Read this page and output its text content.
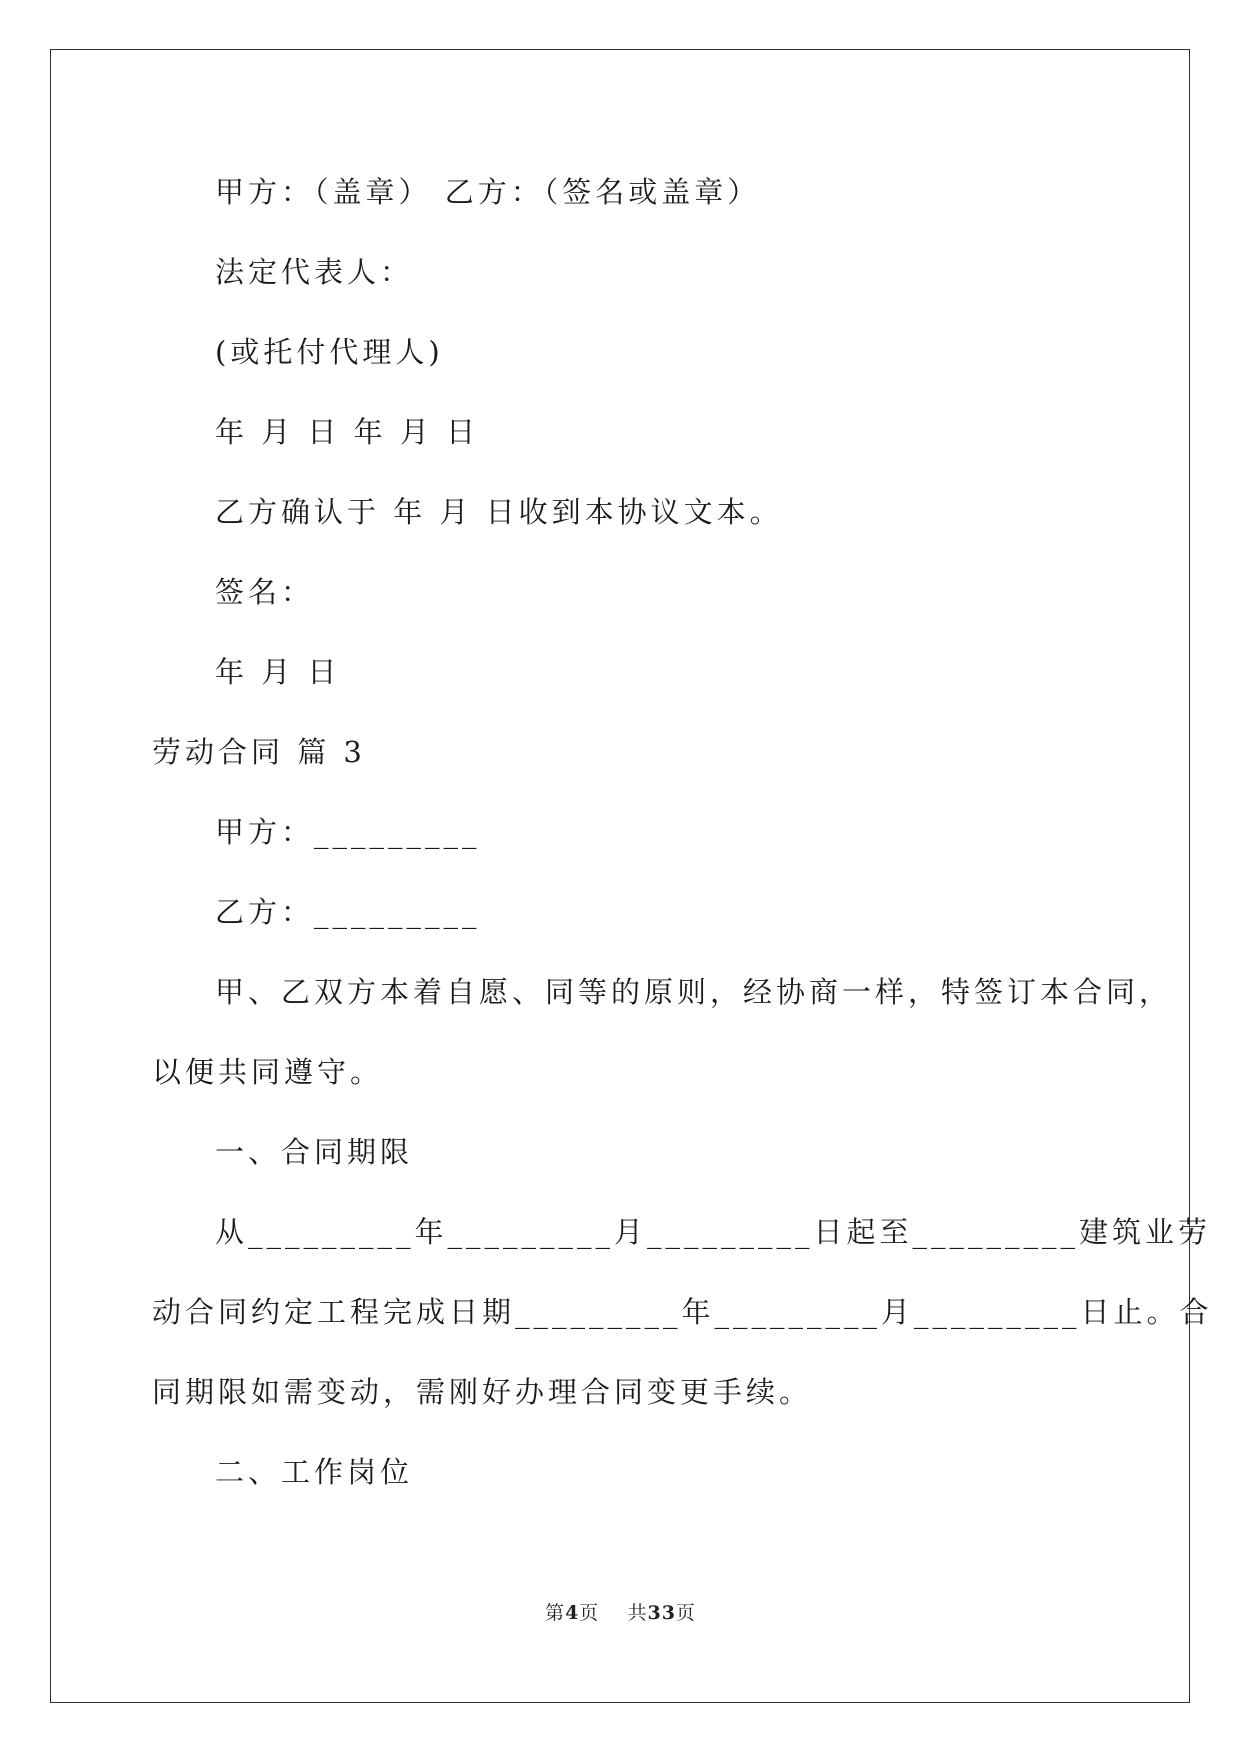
甲方：（盖章） 乙方：（签名或盖章）
法定代表人：
(或托付代理人)
年 月 日 年 月 日
乙方确认于 年 月 日收到本协议文本。
签名：
年 月 日
劳动合同 篇 3
甲方：_________
乙方：_________
甲、乙双方本着自愿、同等的原则，经协商一样，特签订本合同，
以便共同遵守。
一、合同期限
从_________年_________月_________日起至_________建筑业劳
动合同约定工程完成日期_________年_________月_________日止。合
同期限如需变动，需刚好办理合同变更手续。
二、工作岗位
第4页    共33页
